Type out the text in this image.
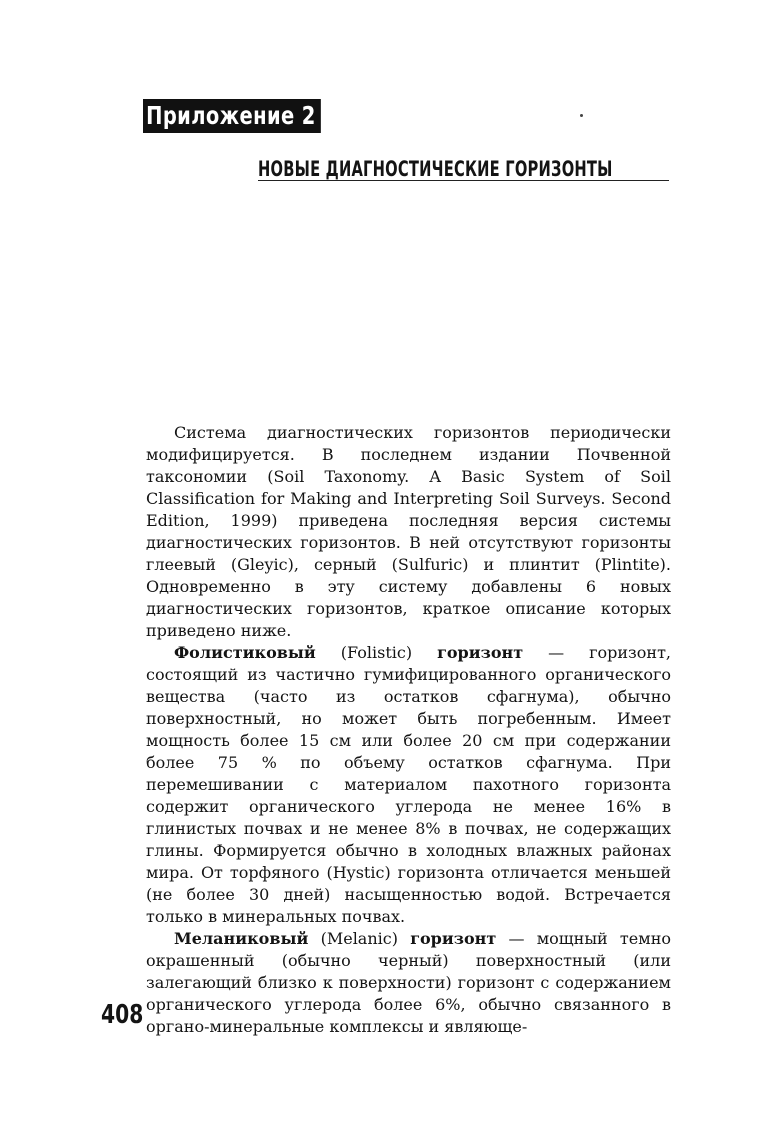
Приложение 2
НОВЫЕ ДИАГНОСТИЧЕСКИЕ ГОРИЗОНТЫ

Система диагностических горизонтов периодически модифицируется. В последнем издании Почвенной таксономии (Soil Taxonomy. A Basic System of Soil Classification for Making and Interpreting Soil Surveys. Second Edition, 1999) приведена последняя версия системы диагностических горизонтов. В ней отсутствуют горизонты глеевый (Gleyic), серный (Sulfuric) и плинтит (Plintite). Одновременно в эту систему добавлены 6 новых диагностических горизонтов, краткое описание которых приведено ниже.

Фолистиковый (Folistic) горизонт — горизонт, состоящий из частично гумифицированного органического вещества (часто из остатков сфагнума), обычно поверхностный, но может быть погребенным. Имеет мощность более 15 см или более 20 см при содержании более 75 % по объему остатков сфагнума. При перемешивании с материалом пахотного горизонта содержит органического углерода не менее 16% в глинистых почвах и не менее 8% в почвах, не содержащих глины. Формируется обычно в холодных влажных районах мира. От торфяного (Hystic) горизонта отличается меньшей (не более 30 дней) насыщенностью водой. Встречается только в минеральных почвах.

Меланиковый (Melanic) горизонт — мощный темно окрашенный (обычно черный) поверхностный (или залегающий близко к поверхности) горизонт с содержанием органического углерода более 6%, обычно связанного в органо-минеральные комплексы и являюще-

408
